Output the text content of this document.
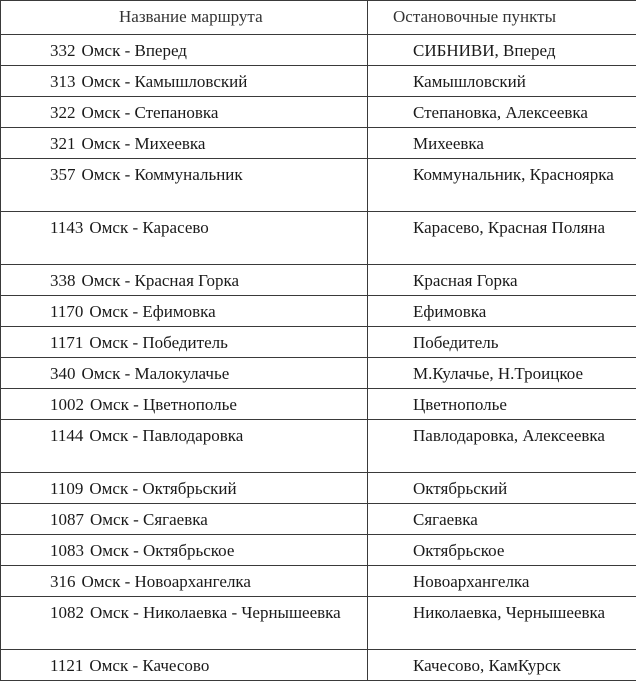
Название маршрута	Остановочные пункты
332 Омск - Вперед	СИБНИВИ, Вперед
313 Омск - Камышловский	Камышловский
322 Омск - Степановка	Степановка, Алексеевка
321 Омск - Михеевка	Михеевка
357 Омск - Коммунальник	Коммунальник, Красноярка
1143 Омск - Карасево	Карасево, Красная Поляна
338 Омск - Красная Горка	Красная Горка
1170 Омск - Ефимовка	Ефимовка
1171 Омск - Победитель	Победитель
340 Омск - Малокулачье	М.Кулачье, Н.Троицкое
1002 Омск - Цветнополье	Цветнополье
1144 Омск - Павлодаровка	Павлодаровка, Алексеевка
1109 Омск - Октябрьский	Октябрьский
1087 Омск - Сягаевка	Сягаевка
1083 Омск - Октябрьское	Октябрьское
316 Омск - Новоархангелка	Новоархангелка
1082 Омск - Николаевка - Чернышеевка	Николаевка, Чернышеевка
1121 Омск - Качесово	Качесово, КамКурск
